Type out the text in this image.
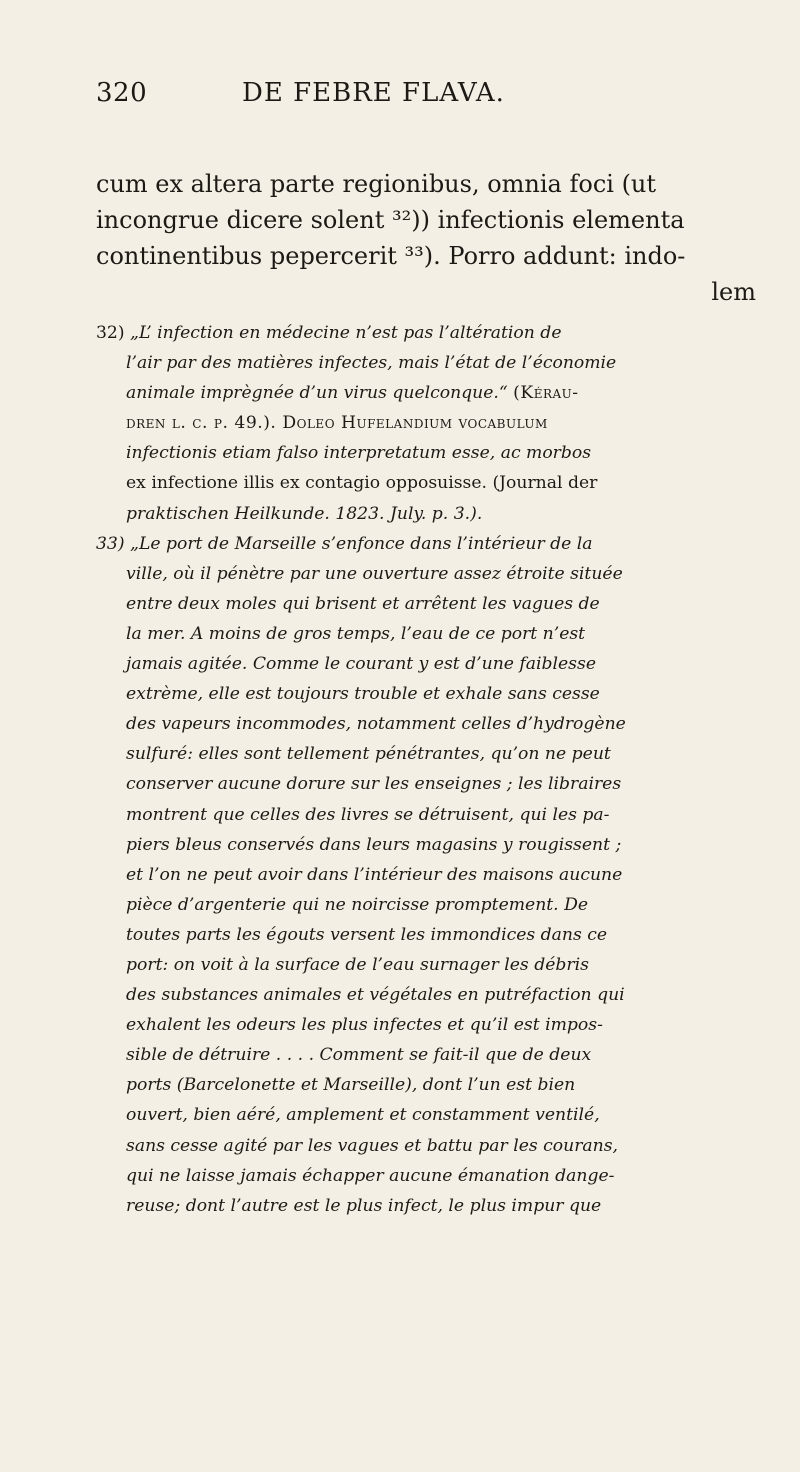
320	DE FEBRE FLAVA.
cum ex altera parte regionibus, omnia foci (ut
incongrue dicere solent ³²)) infectionis elementa
continentibus pepercerit ³³). Porro addunt: indo-
lem
32) „L’ infection en médecine n’est pas l’altération de
l’air par des matières infectes, mais l’état de l’économie
animale imprègnée d’un virus quelconque.“ (Kérau-
dren l. c. p. 49.). Doleo Hufelandium vocabulum
infectionis etiam falso interpretatum esse, ac morbos
ex infectione illis ex contagio opposuisse. (Journal der
praktischen Heilkunde. 1823. July. p. 3.).
33) „Le port de Marseille s’enfonce dans l’intérieur de la
ville, où il pénètre par une ouverture assez étroite située
entre deux moles qui brisent et arrêtent les vagues de
la mer. A moins de gros temps, l’eau de ce port n’est
jamais agitée. Comme le courant y est d’une faiblesse
extrème, elle est toujours trouble et exhale sans cesse
des vapeurs incommodes, notamment celles d’hydrogène
sulfuré: elles sont tellement pénétrantes, qu’on ne peut
conserver aucune dorure sur les enseignes ; les libraires
montrent que celles des livres se détruisent, qui les pa-
piers bleus conservés dans leurs magasins y rougissent ;
et l’on ne peut avoir dans l’intérieur des maisons aucune
pièce d’argenterie qui ne noircisse promptement. De
toutes parts les égouts versent les immondices dans ce
port: on voit à la surface de l’eau surnager les débris
des substances animales et végétales en putréfaction qui
exhalent les odeurs les plus infectes et qu’il est impos-
sible de détruire . . . . Comment se fait-il que de deux
ports (Barcelonette et Marseille), dont l’un est bien
ouvert, bien aéré, amplement et constamment ventilé,
sans cesse agité par les vagues et battu par les courans,
qui ne laisse jamais échapper aucune émanation dange-
reuse; dont l’autre est le plus infect, le plus impur que
